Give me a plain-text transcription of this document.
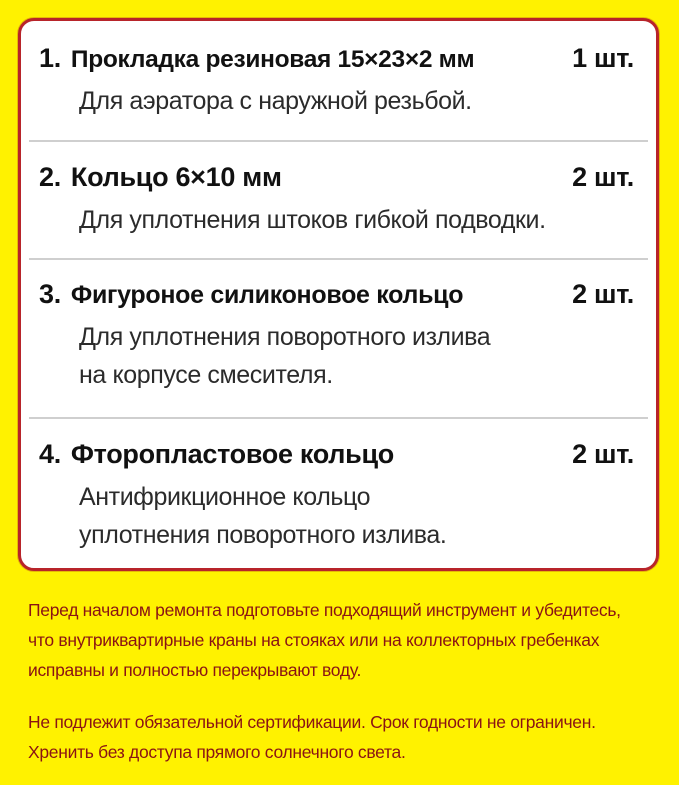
1. Прокладка резиновая 15×23×2 мм	1 шт.
Для аэратора с наружной резьбой.
2. Кольцо 6×10 мм	2 шт.
Для уплотнения штоков гибкой подводки.
3. Фигуроное силиконовое кольцо	2 шт.
Для уплотнения поворотного излива
на корпусе смесителя.
4. Фторопластовое кольцо	2 шт.
Антифрикционное кольцо
уплотнения поворотного излива.

Перед началом ремонта подготовьте подходящий инструмент и убедитесь,

что внутриквартирные краны на стояках или на коллекторных гребенках

исправны и полностью перекрывают воду.

Не подлежит обязательной сертификации. Срок годности не ограничен.

Хренить без доступа прямого солнечного света.
